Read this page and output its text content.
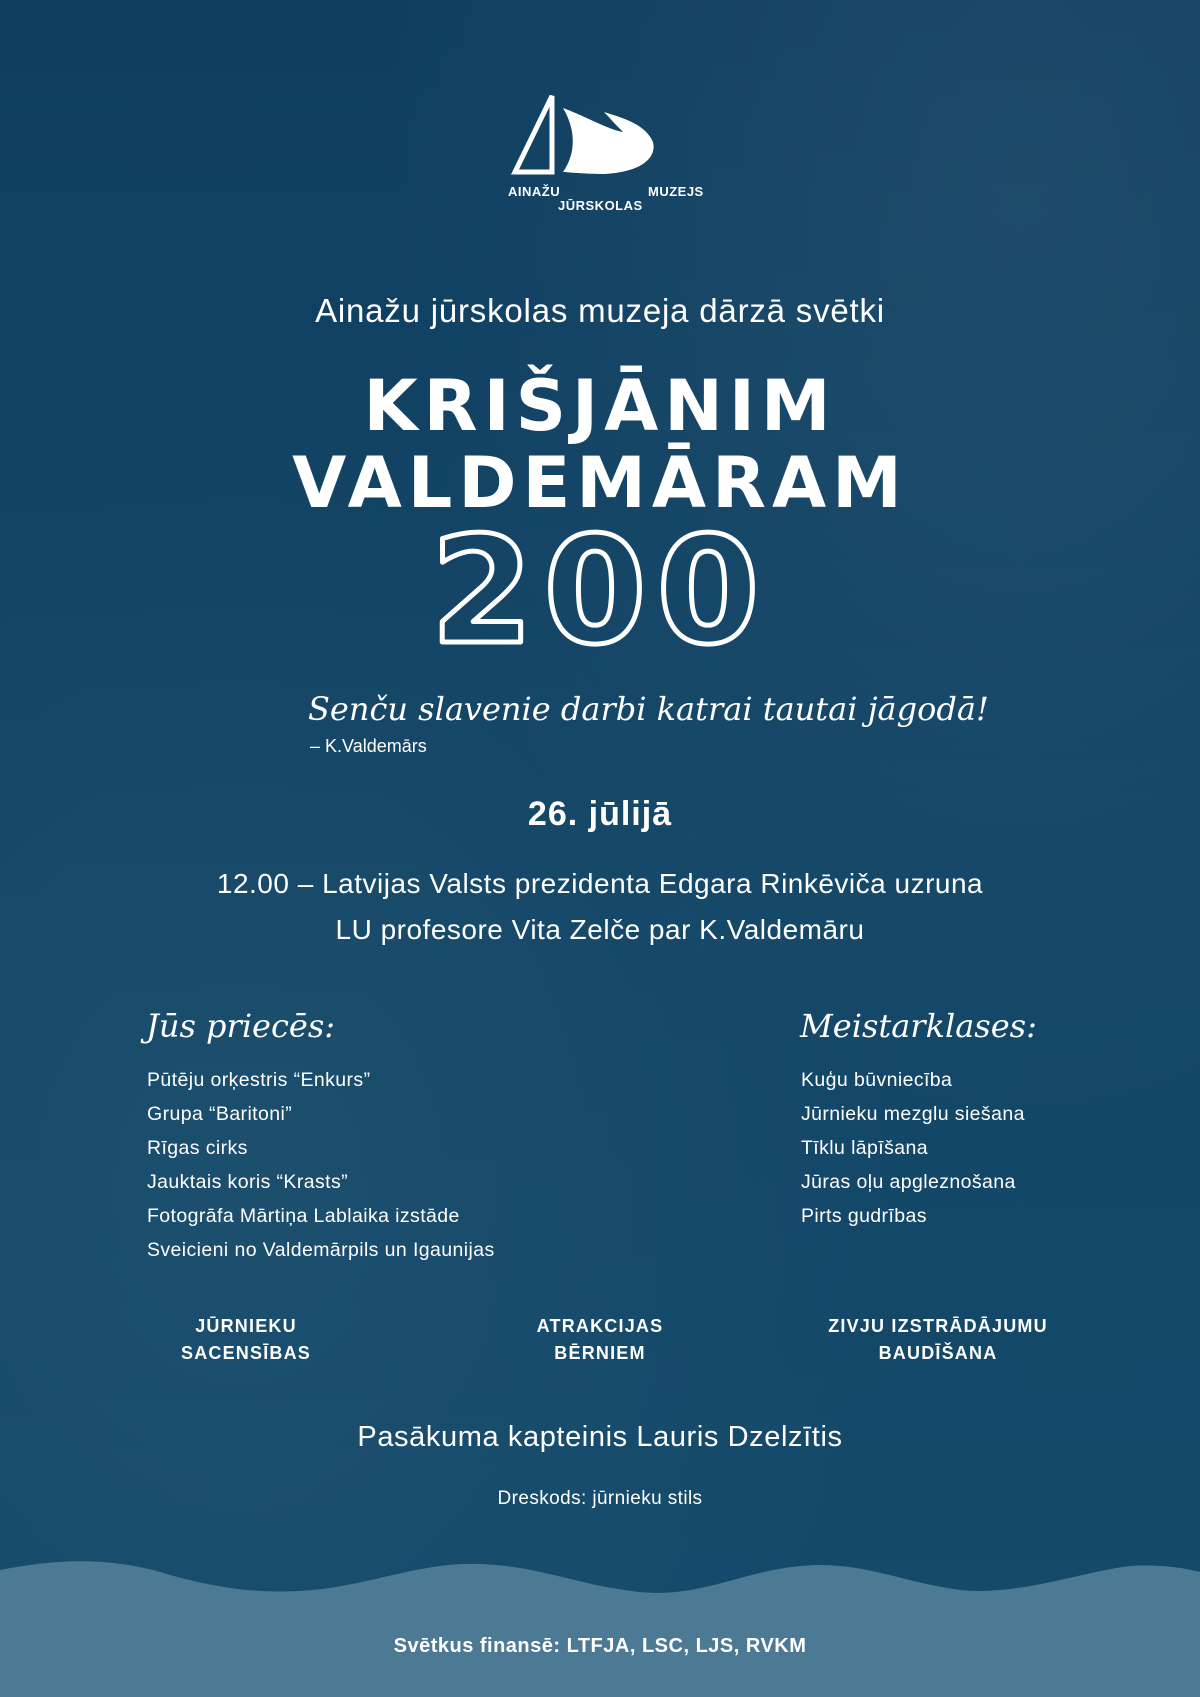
AINAŽU	MUZEJS
JŪRSKOLAS
Ainažu jūrskolas muzeja dārzā svētki
KRIŠJĀNIM
VALDEMĀRAM
200
Senču slavenie darbi katrai tautai jāgodā!
– K.Valdemārs
26. jūlijā
12.00 – Latvijas Valsts prezidenta Edgara Rinkēviča uzruna
LU profesore Vita Zelče par K.Valdemāru
Jūs priecēs:
Pūtēju orķestris “Enkurs”
Grupa “Baritoni”
Rīgas cirks
Jauktais koris “Krasts”
Fotogrāfa Mārtiņa Lablaika izstāde
Sveicieni no Valdemārpils un Igaunijas
Meistarklases:
Kuģu būvniecība
Jūrnieku mezglu siešana
Tīklu lāpīšana
Jūras oļu apgleznošana
Pirts gudrības
JŪRNIEKU
SACENSĪBAS
ATRAKCIJAS
BĒRNIEM
ZIVJU IZSTRĀDĀJUMU
BAUDĪŠANA
Pasākuma kapteinis Lauris Dzelzītis
Dreskods: jūrnieku stils
Svētkus finansē: LTFJA, LSC, LJS, RVKM
